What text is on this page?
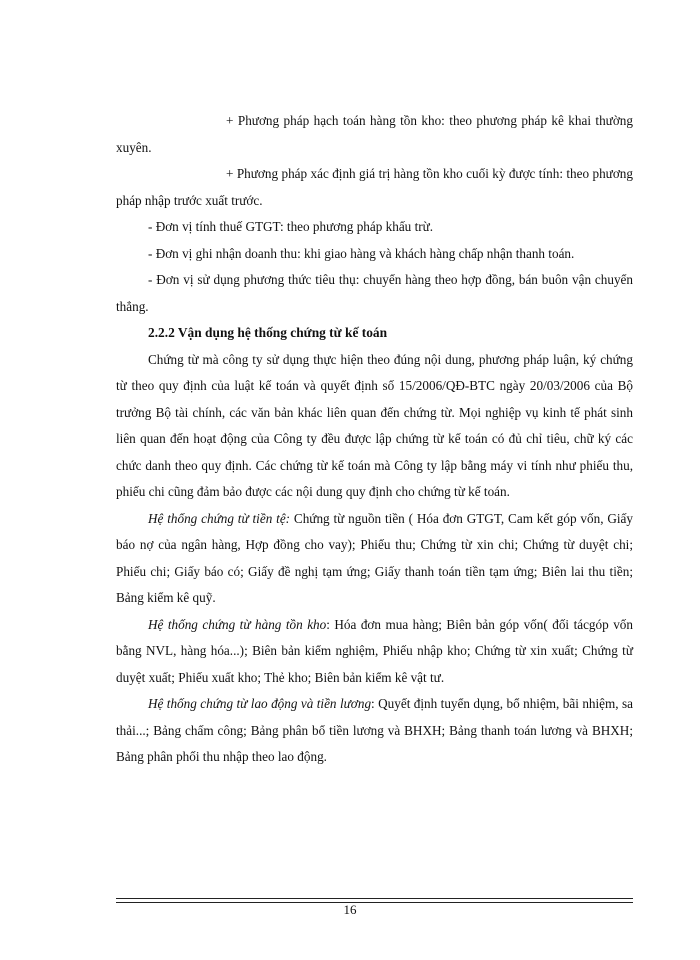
+ Phương pháp hạch toán hàng tồn kho: theo phương pháp kê khai thường xuyên.

+ Phương pháp xác định giá trị hàng tồn kho cuối kỳ được tính: theo phương pháp nhập trước xuất trước.

- Đơn vị tính thuế GTGT: theo phương pháp khấu trừ.

- Đơn vị ghi nhận doanh thu: khi giao hàng và khách hàng chấp nhận thanh toán.

- Đơn vị sử dụng phương thức tiêu thụ: chuyển hàng theo hợp đồng, bán buôn vận chuyển thẳng.

2.2.2 Vận dụng hệ thống chứng từ kế toán

Chứng từ mà công ty sử dụng thực hiện theo đúng nội dung, phương pháp luận, ký chứng từ theo quy định của luật kế toán và quyết định số 15/2006/QĐ-BTC ngày 20/03/2006 của Bộ trưởng Bộ tài chính, các văn bản khác liên quan đến chứng từ. Mọi nghiệp vụ kinh tế phát sinh liên quan đến hoạt động của Công ty đều được lập chứng từ kế toán có đủ chỉ tiêu, chữ ký các chức danh theo quy định. Các chứng từ kế toán mà Công ty lập bằng máy vi tính như phiếu thu, phiếu chi cũng đảm bảo được các nội dung quy định cho chứng từ kế toán.

Hệ thống chứng từ tiền tệ: Chứng từ nguồn tiền ( Hóa đơn GTGT, Cam kết góp vốn, Giấy báo nợ của ngân hàng, Hợp đồng cho vay); Phiếu thu; Chứng từ xin chi; Chứng từ duyệt chi; Phiếu chi; Giấy báo có; Giấy đề nghị tạm ứng; Giấy thanh toán tiền tạm ứng; Biên lai thu tiền; Bảng kiểm kê quỹ.

Hệ thống chứng từ hàng tồn kho: Hóa đơn mua hàng; Biên bản góp vốn( đối tácgóp vốn bằng NVL, hàng hóa...); Biên bản kiểm nghiệm, Phiếu nhập kho; Chứng từ xin xuất; Chứng từ duyệt xuất; Phiếu xuất kho; Thẻ kho; Biên bản kiểm kê vật tư.

Hệ thống chứng từ lao động và tiền lương: Quyết định tuyển dụng, bổ nhiệm, bãi nhiệm, sa thải...; Bảng chấm công; Bảng phân bổ tiền lương và BHXH; Bảng thanh toán lương và BHXH; Bảng phân phối thu nhập theo lao động.

16
